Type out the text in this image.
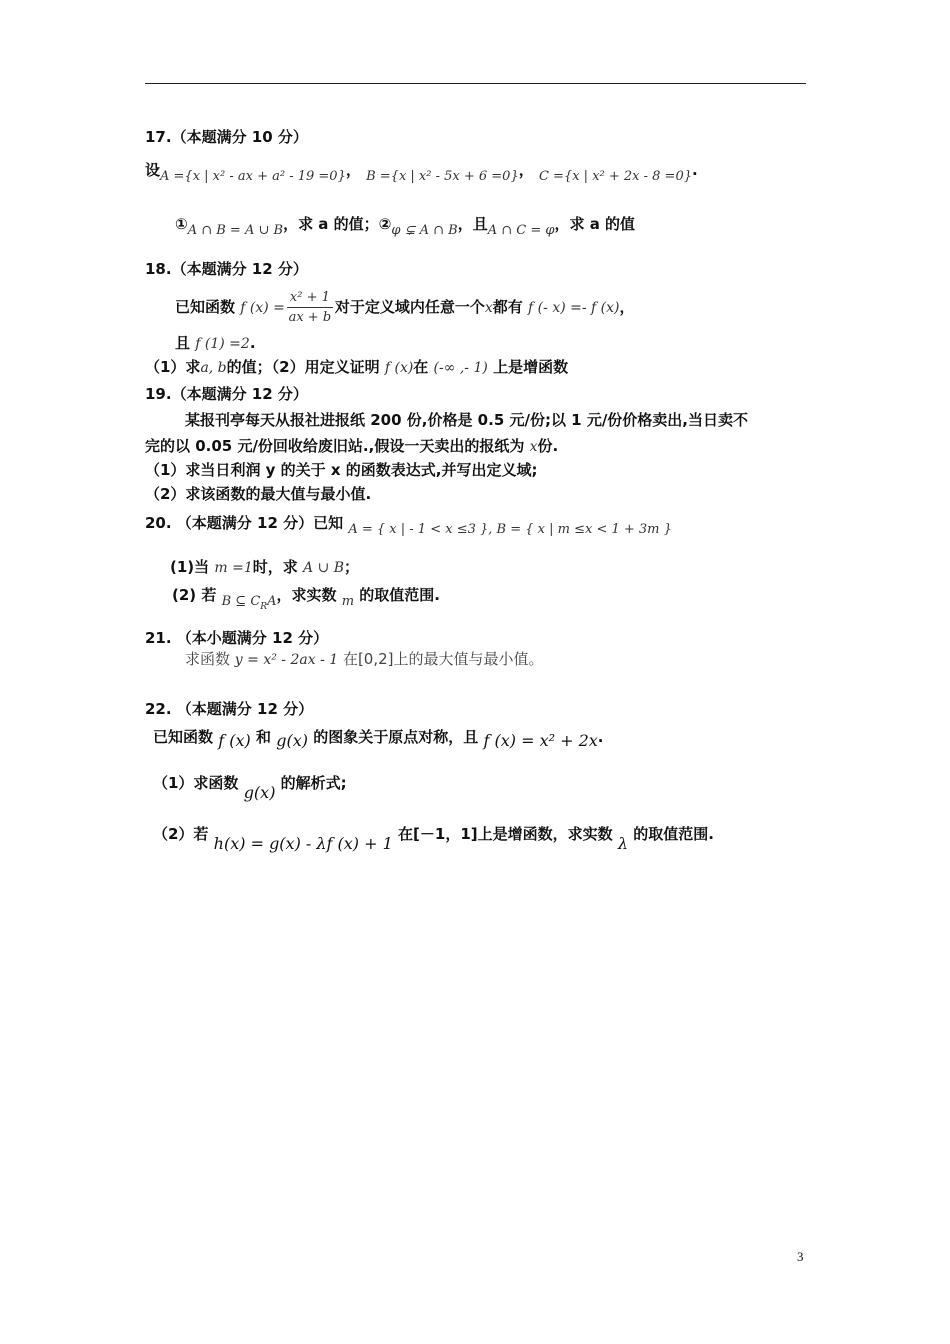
17.（本题满分 10 分）
设A ={x | x² - ax + a² - 19 =0}， B ={x | x² - 5x + 6 =0}， C ={x | x² + 2x - 8 =0}.
①A ∩ B = A ∪ B，求 a 的值；②φ ⊊ A ∩ B，且A ∩ C = φ，求 a 的值
18.（本题满分 12 分）
已知函数 f $(x) = \frac{\text{x² + 1}}{ax + b}$ 对于定义域内任意一个x都有 f (- x) =- f (x)，
且 f (1) =2.
（1）求a, b的值；（2）用定义证明 f (x)在 (-∞ ,- 1) 上是增函数
19.（本题满分 12 分）
某报刊亭每天从报社进报纸 200 份,价格是 0.5 元/份;以 1 元/份价格卖出,当日卖不
完的以 0.05 元/份回收给废旧站.,假设一天卖出的报纸为 x份.
（1）求当日利润 y 的关于 x 的函数表达式,并写出定义域;
（2）求该函数的最大值与最小值.
20. （本题满分 12 分）已知 A = { x | - 1 < x ≤3 }, B = { x | m ≤x < 1 + 3m }
(1)当 m =1时，求 A ∪ B；
(2) 若 B ⊆ $C_RA$，求实数 m 的取值范围.
21. （本小题满分 12 分）
求函数 y = x² - 2ax - 1 在[0,2]上的最大值与最小值。
22. （本题满分 12 分）
已知函数 f (x) 和 g(x) 的图象关于原点对称，且 f (x) = x² + 2x.
（1）求函数 g(x) 的解析式;
（2）若 h(x) = g(x) - λf (x) + 1 在[－1，1]上是增函数，求实数 λ 的取值范围.
3
